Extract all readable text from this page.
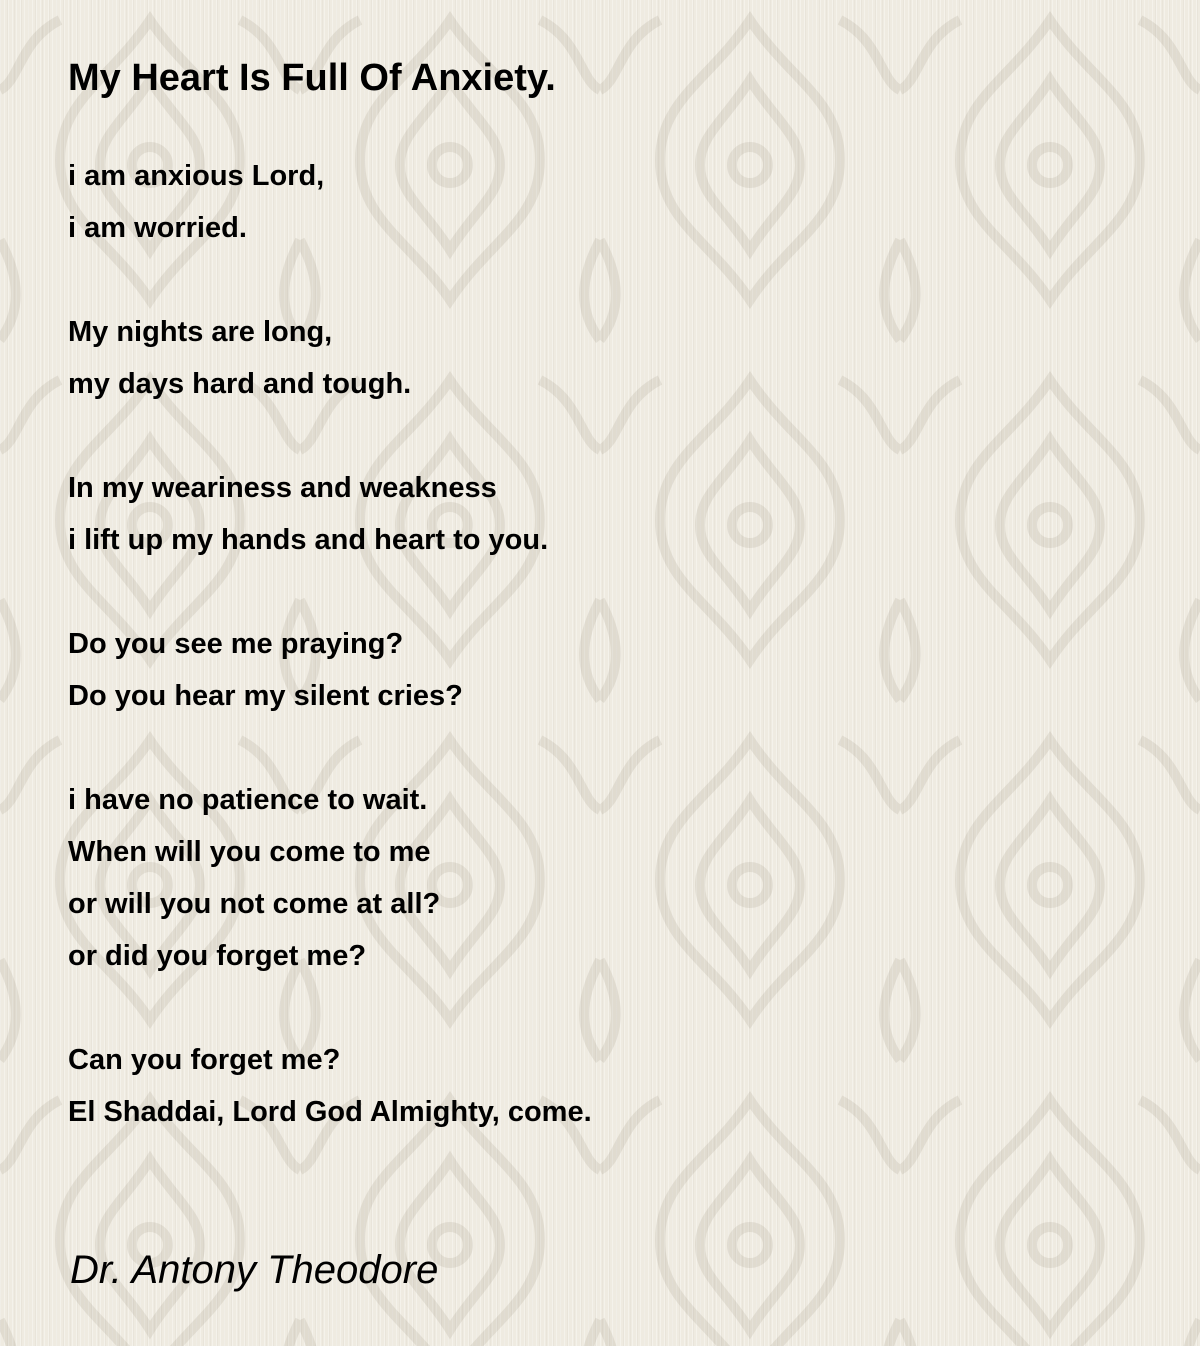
My Heart Is Full Of Anxiety.
i am anxious Lord,
i am worried.
My nights are long,
my days hard and tough.
In my weariness and weakness
i lift up my hands and heart to you.
Do you see me praying?
Do you hear my silent cries?
i have no patience to wait.
When will you come to me
or will you not come at all?
or did you forget me?
Can you forget me?
El Shaddai, Lord God Almighty, come.
Dr. Antony Theodore
